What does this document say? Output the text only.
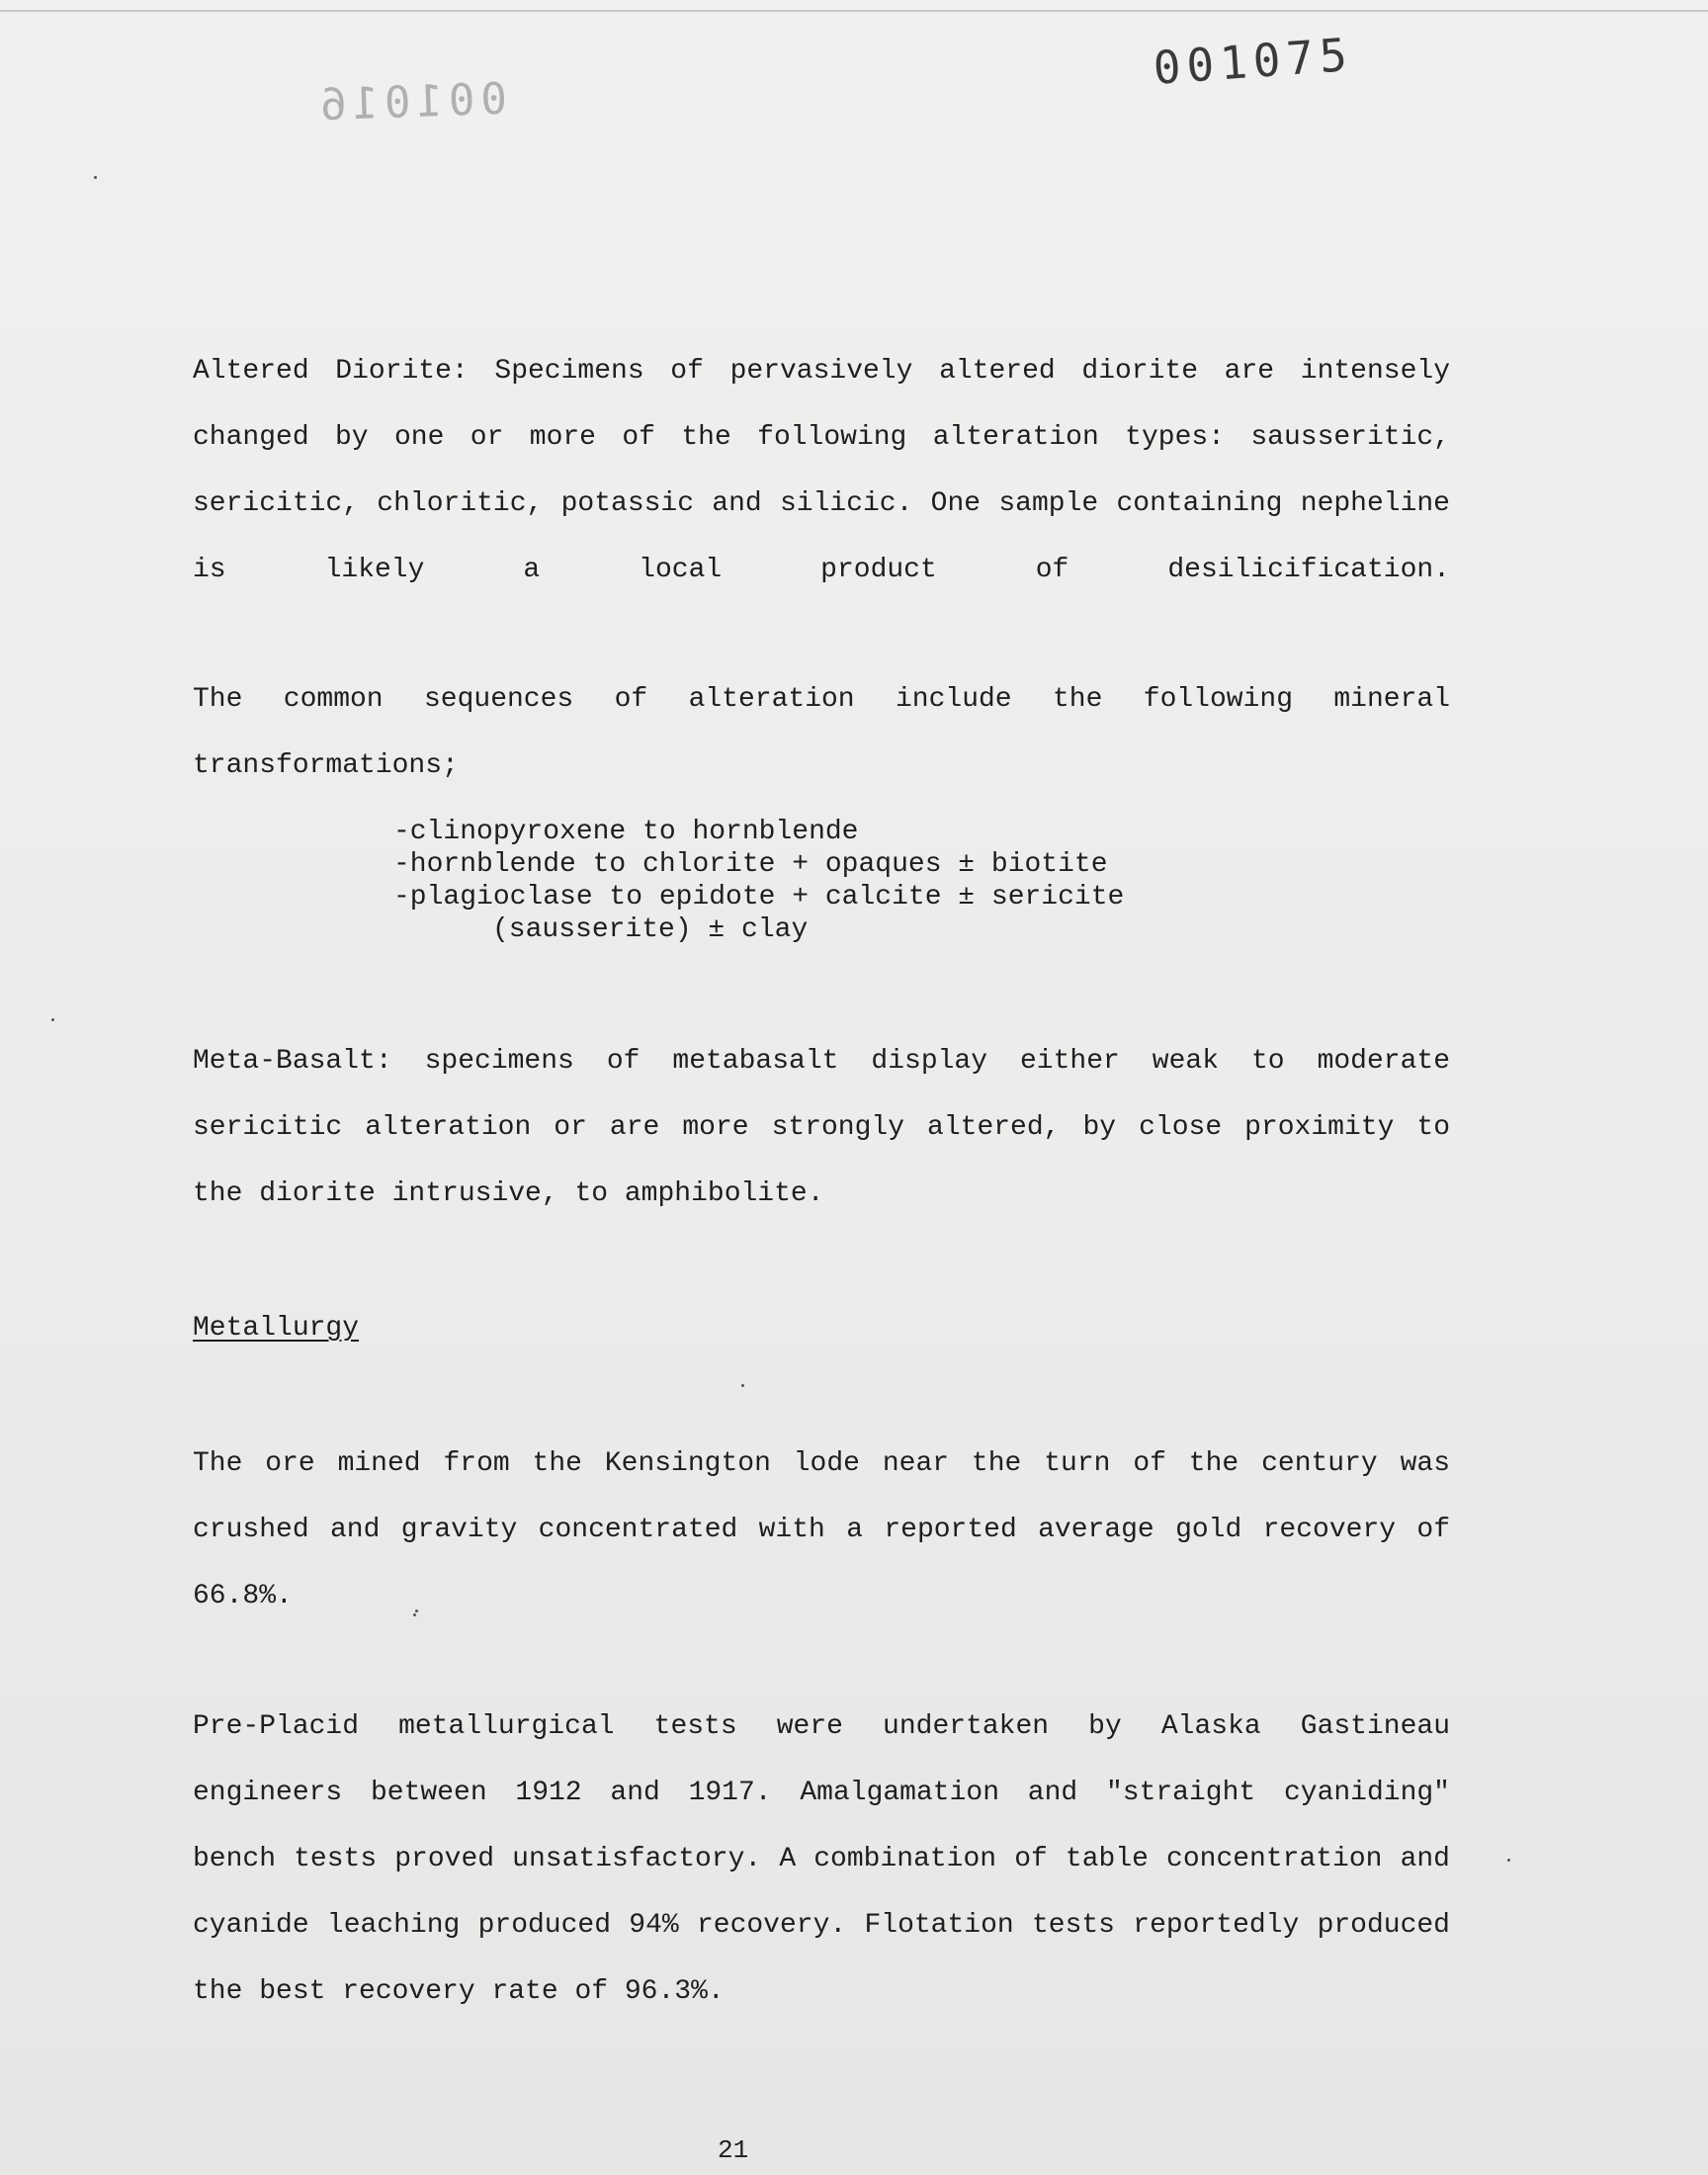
001075
001016

Altered Diorite: Specimens of pervasively altered diorite are intensely changed by one or more of the following alteration types: sausseritic, sericitic, chloritic, potassic and silicic. One sample containing nepheline is likely a local product of desilicification.

The common sequences of alteration include the following mineral transformations;

-clinopyroxene to hornblende
-hornblende to chlorite + opaques ± biotite
-plagioclase to epidote + calcite ± sericite
(sausserite) ± clay

Meta-Basalt: specimens of metabasalt display either weak to moderate sericitic alteration or are more strongly altered, by close proximity to the diorite intrusive, to amphibolite.

Metallurgy

The ore mined from the Kensington lode near the turn of the century was crushed and gravity concentrated with a reported average gold recovery of 66.8%.

Pre-Placid metallurgical tests were undertaken by Alaska Gastineau engineers between 1912 and 1917. Amalgamation and "straight cyaniding" bench tests proved unsatisfactory. A combination of table concentration and cyanide leaching produced 94% recovery. Flotation tests reportedly produced the best recovery rate of 96.3%.

21
